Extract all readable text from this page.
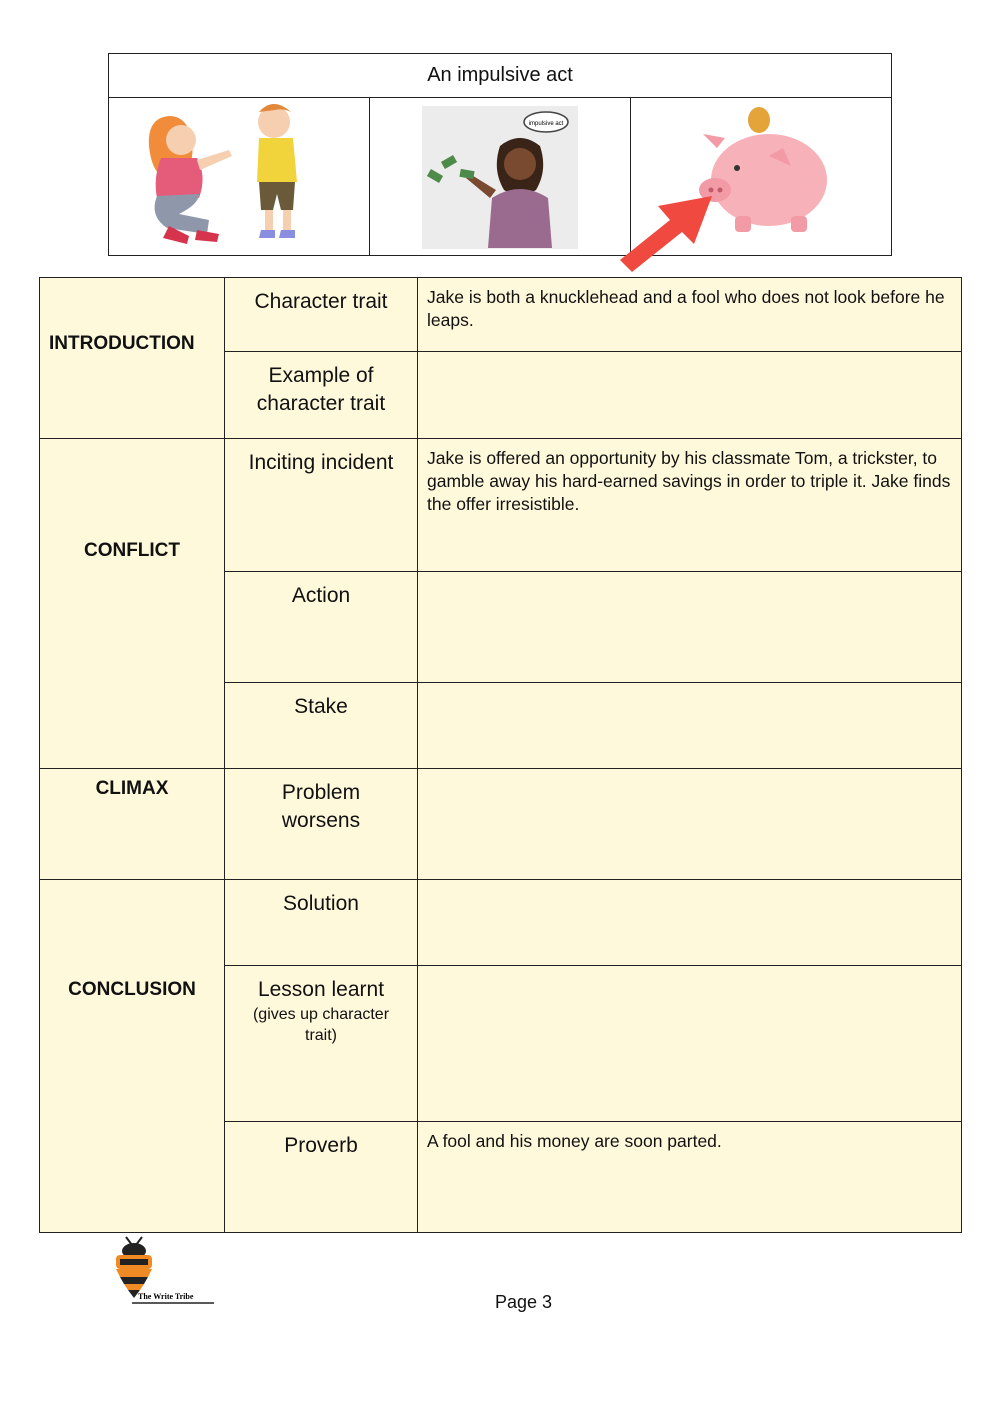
An impulsive act
impulsive act
INTRODUCTION	Character trait	Jake is both a knucklehead and a fool who does not look before he leaps.
	Example of character trait	

CONFLICT	Inciting incident	Jake is offered an opportunity by his classmate Tom, a trickster, to gamble away his hard-earned savings in order to triple it. Jake finds the offer irresistible.
	Action	
	Stake	

CLIMAX	Problem worsens	

CONCLUSION	Solution	
	Lesson learnt
(gives up character trait)	

	Proverb	A fool and his money are soon parted.
The Write Tribe	Page 3
